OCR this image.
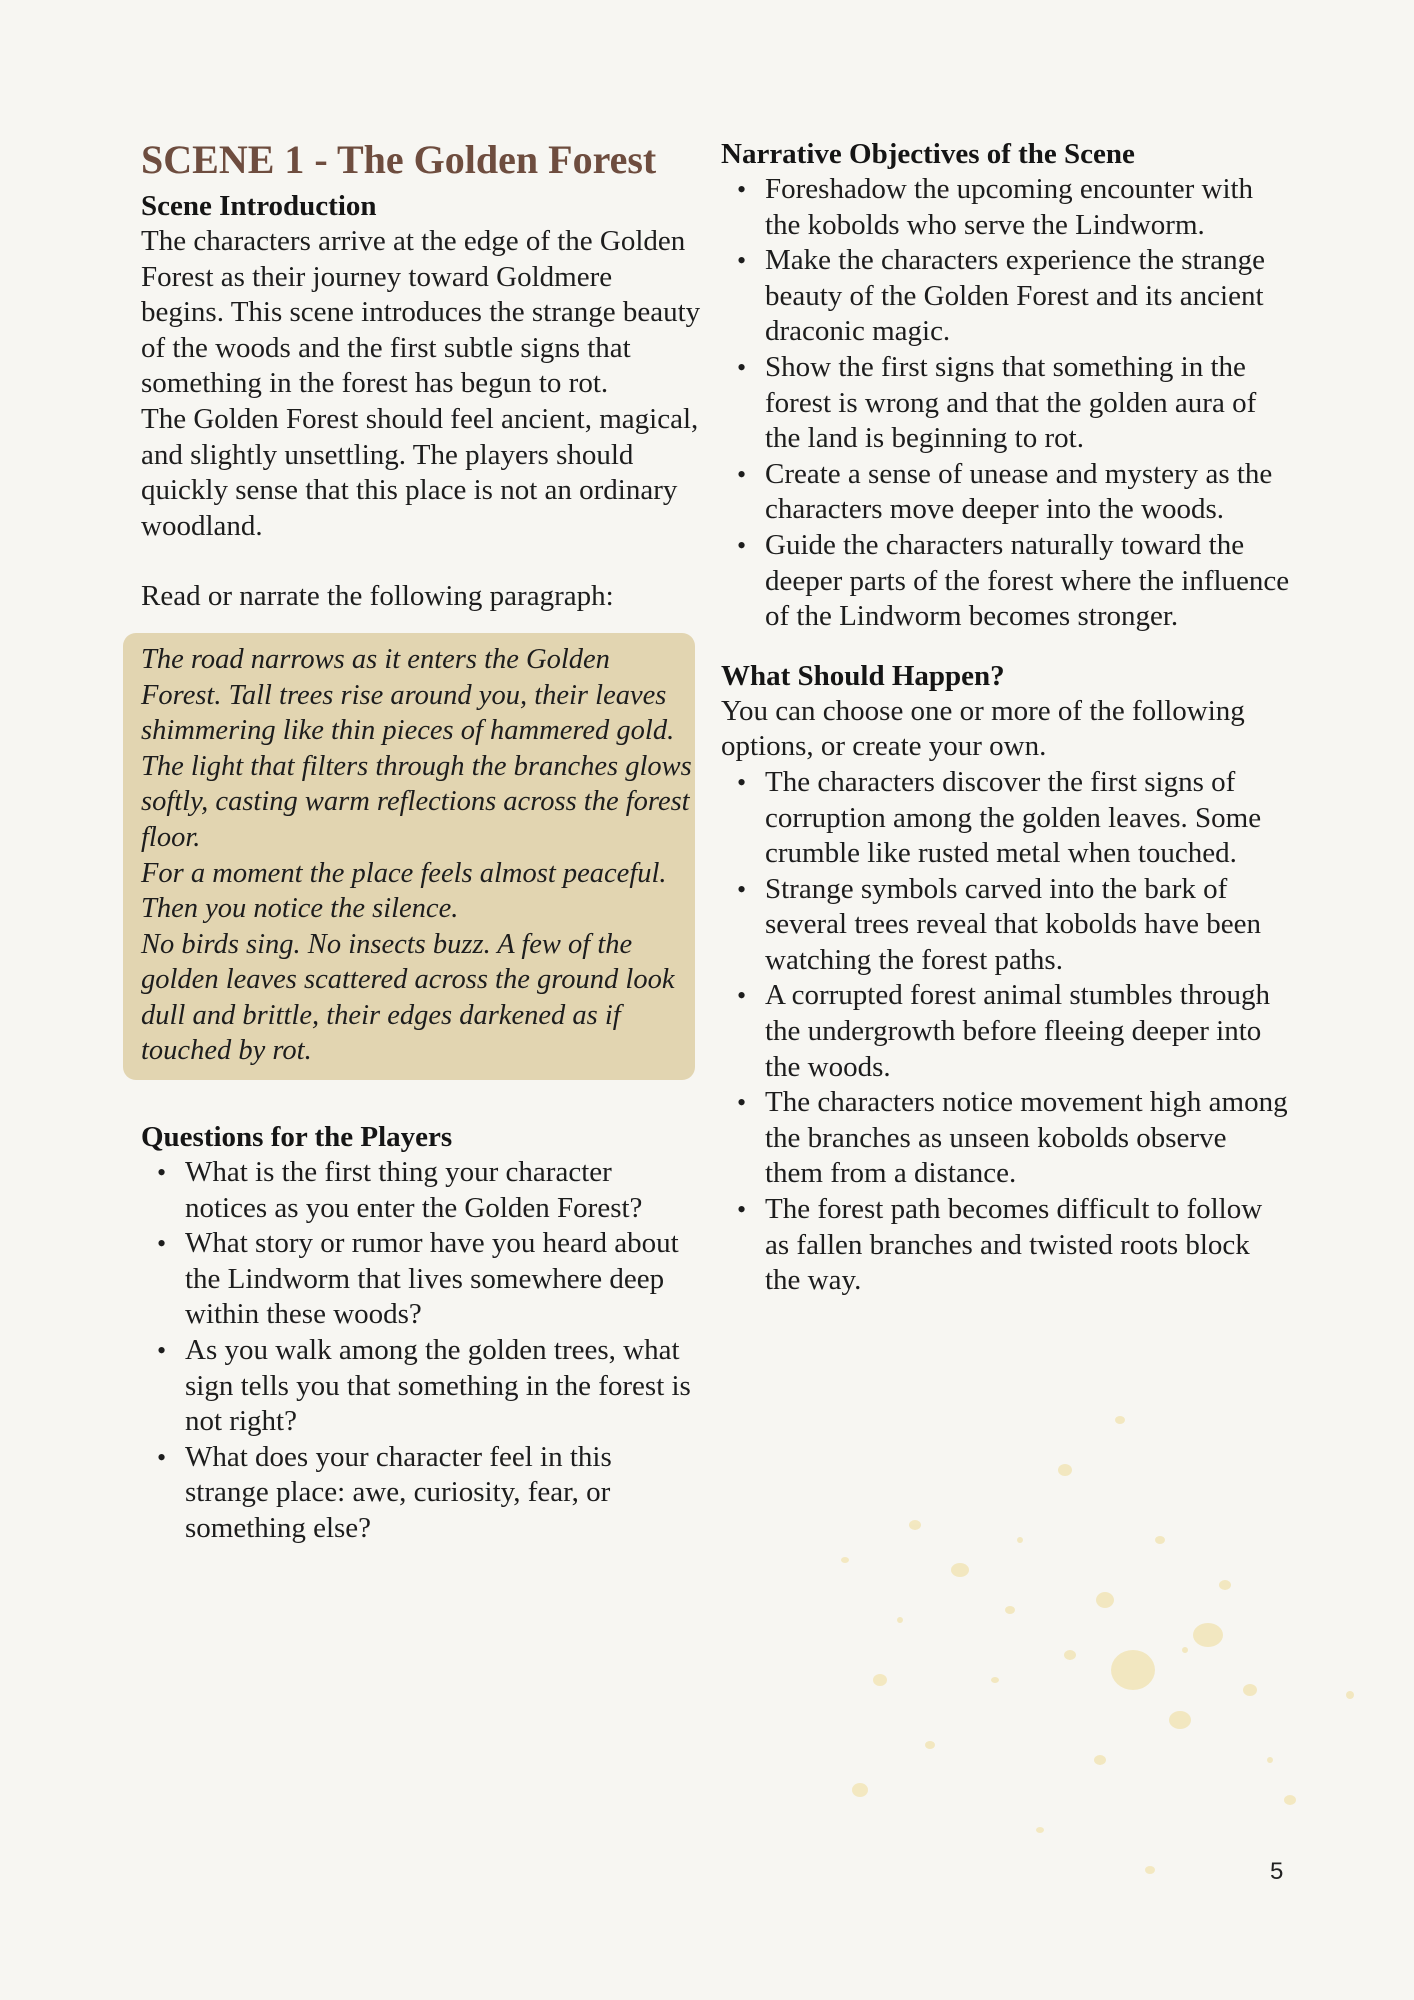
SCENE 1 - The Golden Forest
Scene Introduction

The characters arrive at the edge of the Golden Forest as their journey toward Goldmere begins. This scene introduces the strange beauty of the woods and the first subtle signs that something in the forest has begun to rot.

The Golden Forest should feel ancient, magical, and slightly unsettling. The players should quickly sense that this place is not an ordinary woodland.

Read or narrate the following paragraph:

The road narrows as it enters the Golden Forest. Tall trees rise around you, their leaves shimmering like thin pieces of hammered gold. The light that filters through the branches glows softly, casting warm reflections across the forest floor.

For a moment the place feels almost peaceful. Then you notice the silence.

No birds sing. No insects buzz. A few of the golden leaves scattered across the ground look dull and brittle, their edges darkened as if touched by rot.

Questions for the Players
• What is the first thing your character notices as you enter the Golden Forest?
• What story or rumor have you heard about the Lindworm that lives somewhere deep within these woods?
• As you walk among the golden trees, what sign tells you that something in the forest is not right?
• What does your character feel in this strange place: awe, curiosity, fear, or something else?
Narrative Objectives of the Scene
• Foreshadow the upcoming encounter with the kobolds who serve the Lindworm.
• Make the characters experience the strange beauty of the Golden Forest and its ancient draconic magic.
• Show the first signs that something in the forest is wrong and that the golden aura of the land is beginning to rot.
• Create a sense of unease and mystery as the characters move deeper into the woods.
• Guide the characters naturally toward the deeper parts of the forest where the influence of the Lindworm becomes stronger.
What Should Happen?

You can choose one or more of the following options, or create your own.

• The characters discover the first signs of corruption among the golden leaves. Some crumble like rusted metal when touched.
• Strange symbols carved into the bark of several trees reveal that kobolds have been watching the forest paths.
• A corrupted forest animal stumbles through the undergrowth before fleeing deeper into the woods.
• The characters notice movement high among the branches as unseen kobolds observe them from a distance.
• The forest path becomes difficult to follow as fallen branches and twisted roots block the way.
5
